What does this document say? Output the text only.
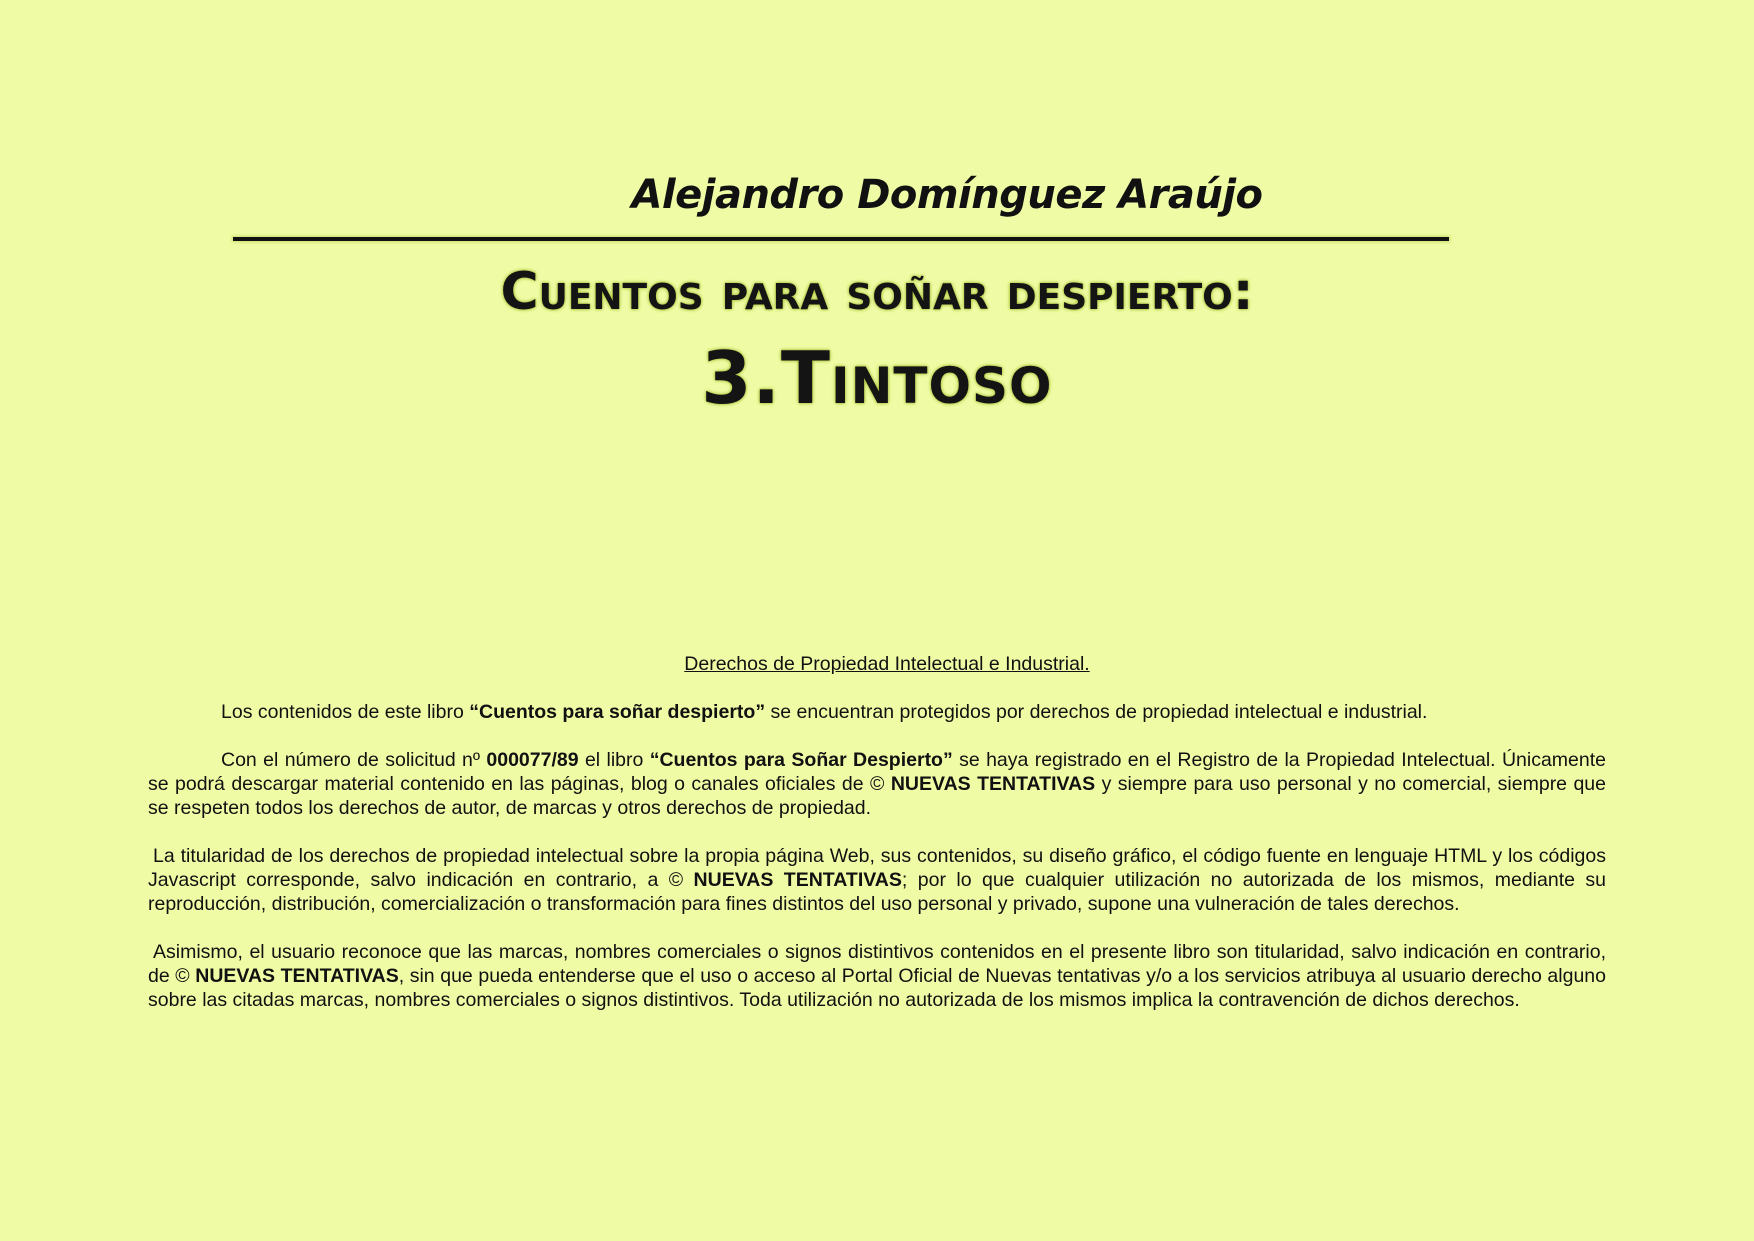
Alejandro Domínguez Araújo
Cuentos para soñar despierto:
3.Tintoso
Derechos de Propiedad Intelectual e Industrial.

Los contenidos de este libro “Cuentos para soñar despierto” se encuentran protegidos por derechos de propiedad intelectual e industrial.

Con el número de solicitud nº 000077/89 el libro “Cuentos para Soñar Despierto” se haya registrado en el Registro de la Propiedad Intelectual. Únicamente se podrá descargar material contenido en las páginas, blog o canales oficiales de © NUEVAS TENTATIVAS y siempre para uso personal y no comercial, siempre que se respeten todos los derechos de autor, de marcas y otros derechos de propiedad.

La titularidad de los derechos de propiedad intelectual sobre la propia página Web, sus contenidos, su diseño gráfico, el código fuente en lenguaje HTML y los códigos Javascript corresponde, salvo indicación en contrario, a © NUEVAS TENTATIVAS; por lo que cualquier utilización no autorizada de los mismos, mediante su reproducción, distribución, comercialización o transformación para fines distintos del uso personal y privado, supone una vulneración de tales derechos.

Asimismo, el usuario reconoce que las marcas, nombres comerciales o signos distintivos contenidos en el presente libro son titularidad, salvo indicación en contrario, de © NUEVAS TENTATIVAS, sin que pueda entenderse que el uso o acceso al Portal Oficial de Nuevas tentativas y/o a los servicios atribuya al usuario derecho alguno sobre las citadas marcas, nombres comerciales o signos distintivos. Toda utilización no autorizada de los mismos implica la contravención de dichos derechos.
